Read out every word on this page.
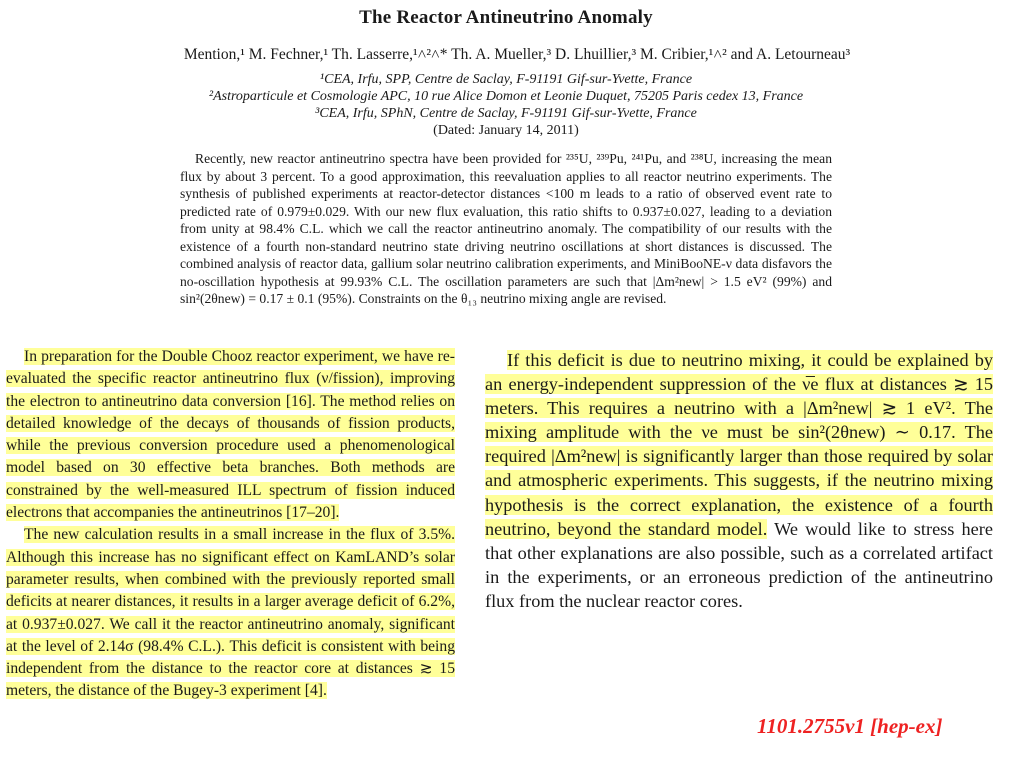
The Reactor Antineutrino Anomaly
Mention,¹ M. Fechner,¹ Th. Lasserre,¹˄²˄* Th. A. Mueller,³ D. Lhuillier,³ M. Cribier,¹˄² and A. Letourneau³
¹CEA, Irfu, SPP, Centre de Saclay, F-91191 Gif-sur-Yvette, France
²Astroparticule et Cosmologie APC, 10 rue Alice Domon et Leonie Duquet, 75205 Paris cedex 13, France
³CEA, Irfu, SPhN, Centre de Saclay, F-91191 Gif-sur-Yvette, France
(Dated: January 14, 2011)
Recently, new reactor antineutrino spectra have been provided for ²³⁵U, ²³⁹Pu, ²⁴¹Pu, and ²³⁸U, increasing the mean flux by about 3 percent. To a good approximation, this reevaluation applies to all reactor neutrino experiments. The synthesis of published experiments at reactor-detector distances <100 m leads to a ratio of observed event rate to predicted rate of 0.979±0.029. With our new flux evaluation, this ratio shifts to 0.937±0.027, leading to a deviation from unity at 98.4% C.L. which we call the reactor antineutrino anomaly. The compatibility of our results with the existence of a fourth non-standard neutrino state driving neutrino oscillations at short distances is discussed. The combined analysis of reactor data, gallium solar neutrino calibration experiments, and MiniBooNE-ν data disfavors the no-oscillation hypothesis at 99.93% C.L. The oscillation parameters are such that |Δm²new| > 1.5 eV² (99%) and sin²(2θnew) = 0.17 ± 0.1 (95%). Constraints on the θ₁₃ neutrino mixing angle are revised.

In preparation for the Double Chooz reactor experiment, we have re-evaluated the specific reactor antineutrino flux (ν/fission), improving the electron to antineutrino data conversion [16]. The method relies on detailed knowledge of the decays of thousands of fission products, while the previous conversion procedure used a phenomenological model based on 30 effective beta branches. Both methods are constrained by the well-measured ILL spectrum of fission induced electrons that accompanies the antineutrinos [17–20].

The new calculation results in a small increase in the flux of 3.5%. Although this increase has no significant effect on KamLAND’s solar parameter results, when combined with the previously reported small deficits at nearer distances, it results in a larger average deficit of 6.2%, at 0.937±0.027. We call it the reactor antineutrino anomaly, significant at the level of 2.14σ (98.4% C.L.). This deficit is consistent with being independent from the distance to the reactor core at distances ≳ 15 meters, the distance of the Bugey-3 experiment [4].

If this deficit is due to neutrino mixing, it could be explained by an energy-independent suppression of the ν̅e flux at distances ≳ 15 meters. This requires a neutrino with a |Δm²new| ≳ 1 eV². The mixing amplitude with the νe must be sin²(2θnew) ∼ 0.17. The required |Δm²new| is significantly larger than those required by solar and atmospheric experiments. This suggests, if the neutrino mixing hypothesis is the correct explanation, the existence of a fourth neutrino, beyond the standard model. We would like to stress here that other explanations are also possible, such as a correlated artifact in the experiments, or an erroneous prediction of the antineutrino flux from the nuclear reactor cores.

1101.2755v1 [hep-ex]
